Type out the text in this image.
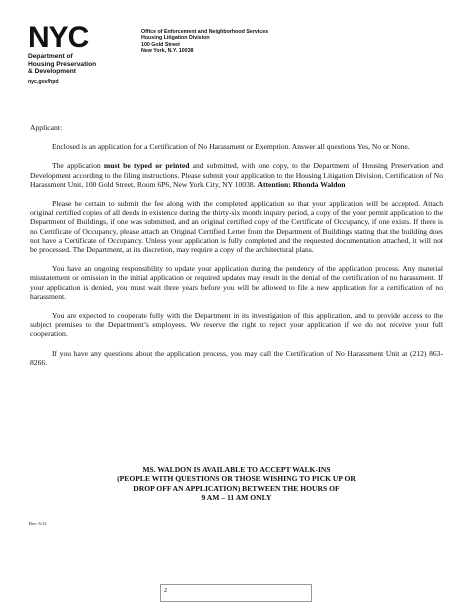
NYC
Department of
Housing Preservation
& Development
nyc.gov/hpd
Office of Enforcement and Neighborhood Services
Housing Litigation Division
100 Gold Street
New York, N.Y. 10038

Applicant:

Enclosed is an application for a Certification of No Harassment or Exemption. Answer all questions Yes, No or None.

The application must be typed or printed and submitted, with one copy, to the Department of Housing Preservation and Development according to the filing instructions. Please submit your application to the Housing Litigation Division, Certification of No Harassment Unit, 100 Gold Street, Room 6P6, New York City, NY 10038. Attention: Rhonda Waldon

Please be certain to submit the fee along with the completed application so that your application will be accepted. Attach original certified copies of all deeds in existence during the thirty-six month inquiry period, a copy of the your permit application to the Department of Buildings, if one was submitted, and an original certified copy of the Certificate of Occupancy, if one exists. If there is no Certificate of Occupancy, please attach an Original Certified Letter from the Department of Buildings stating that the building does not have a Certificate of Occupancy. Unless your application is fully completed and the requested documentation attached, it will not be processed. The Department, at its discretion, may require a copy of the architectural plans.

You have an ongoing responsibility to update your application during the pendency of the application process. Any material misstatement or omission in the initial application or required updates may result in the denial of the certification of no harassment. If your application is denied, you must wait three years before you will be allowed to file a new application for a certification of no harassment.

You are expected to cooperate fully with the Department in its investigation of this application, and to provide access to the subject premises to the Department’s employees. We reserve the right to reject your application if we do not receive your full cooperation.

If you have any questions about the application process, you may call the Certification of No Harassment Unit at (212) 863-8266.

MS. WALDON IS AVAILABLE TO ACCEPT WALK-INS
(PEOPLE WITH QUESTIONS OR THOSE WISHING TO PICK UP OR
DROP OFF AN APPLICATION) BETWEEN THE HOURS OF
9 AM – 11 AM ONLY
Rev. 6/12
2
